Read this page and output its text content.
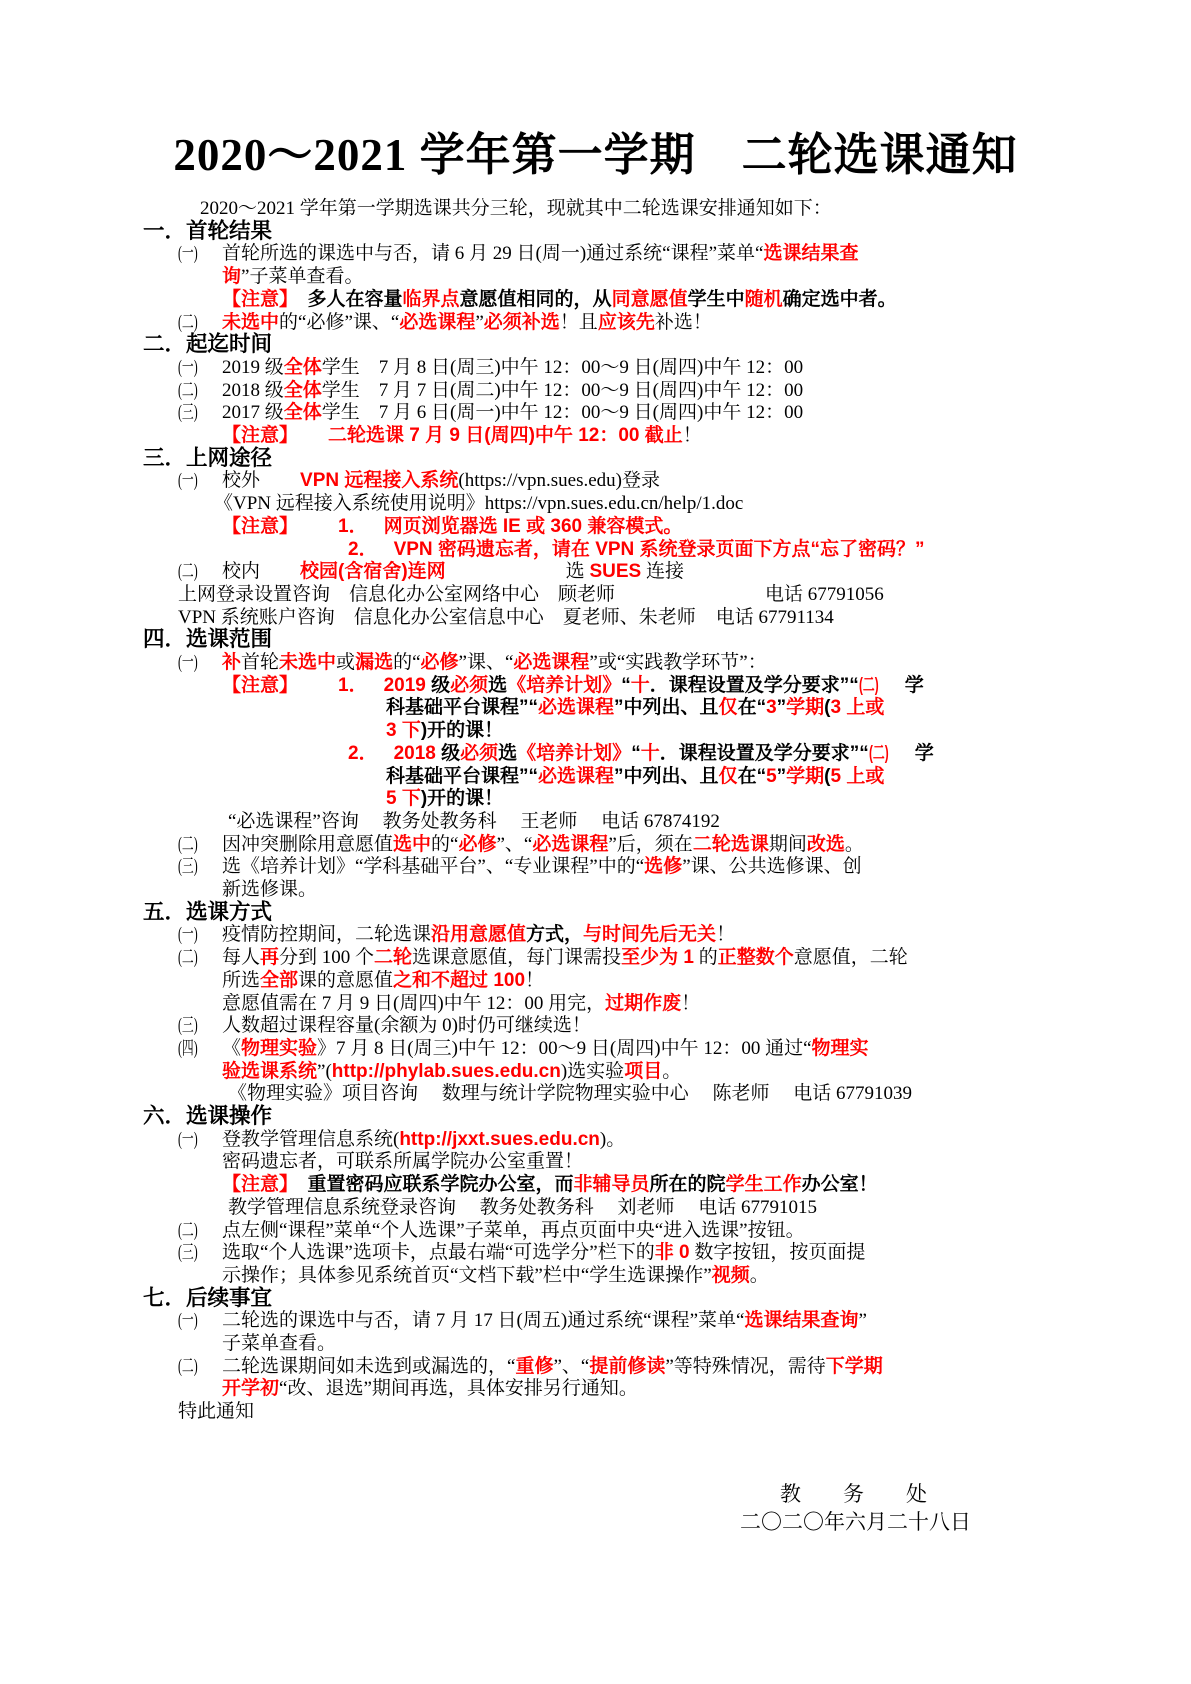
2020～2021 学年第一学期　二轮选课通知
2020～2021 学年第一学期选课共分三轮，现就其中二轮选课安排通知如下：
一．首轮结果
(一) 首轮所选的课选中与否，请 6 月 29 日(周一)通过系统“课程”菜单“选课结果查
询”子菜单查看。
【注意】　多人在容量临界点意愿值相同的，从同意愿值学生中随机确定选中者。
(二) 未选中的“必修”课、“必选课程”必须补选！且应该先补选！
二．起迄时间
(一) 2019 级全体学生　7 月 8 日(周三)中午 12：00～9 日(周四)中午 12：00
(二) 2018 级全体学生　7 月 7 日(周二)中午 12：00～9 日(周四)中午 12：00
(三) 2017 级全体学生　7 月 6 日(周一)中午 12：00～9 日(周四)中午 12：00
【注意】 二轮选课 7 月 9 日(周四)中午 12：00 截止！
三．上网途径
(一) 校外 VPN 远程接入系统(https://vpn.sues.edu)登录
《VPN 远程接入系统使用说明》https://vpn.sues.edu.cn/help/1.doc
【注意】 1． 网页浏览器选 IE 或 360 兼容模式。
2． VPN 密码遗忘者，请在 VPN 系统登录页面下方点“忘了密码？”
(二) 校内 校园(含宿舍)连网	选 SUES 连接
上网登录设置咨询　信息化办公室网络中心　顾老师	电话 67791056
VPN 系统账户咨询　信息化办公室信息中心　夏老师、朱老师 电话 67791134
四．选课范围
(一) 补首轮未选中或漏选的“必修”课、“必选课程”或“实践教学环节”：
【注意】 1． 2019 级必须选《培养计划》“十．课程设置及学分要求”“(二)　学
科基础平台课程”“必选课程”中列出、且仅在“3”学期(3 上或
3 下)开的课！
2． 2018 级必须选《培养计划》“十．课程设置及学分要求”“(二)　学
科基础平台课程”“必选课程”中列出、且仅在“5”学期(5 上或
5 下)开的课！
“必选课程”咨询　 教务处教务科　 王老师　 电话 67874192
(二) 因冲突删除用意愿值选中的“必修”、“必选课程”后，须在二轮选课期间改选。
(三) 选《培养计划》“学科基础平台”、“专业课程”中的“选修”课、公共选修课、创
新选修课。
五．选课方式
(一) 疫情防控期间，二轮选课沿用意愿值方式，与时间先后无关！
(二) 每人再分到 100 个二轮选课意愿值，每门课需投至少为 1 的正整数个意愿值，二轮
所选全部课的意愿值之和不超过 100！
意愿值需在 7 月 9 日(周四)中午 12：00 用完，过期作废！
(三) 人数超过课程容量(余额为 0)时仍可继续选！
(四) 《物理实验》7 月 8 日(周三)中午 12：00～9 日(周四)中午 12：00 通过“物理实
验选课系统”(http://phylab.sues.edu.cn)选实验项目。
《物理实验》项目咨询　 数理与统计学院物理实验中心　 陈老师　 电话 67791039
六．选课操作
(一) 登教学管理信息系统(http://jxxt.sues.edu.cn)。
密码遗忘者，可联系所属学院办公室重置！
【注意】　重置密码应联系学院办公室，而非辅导员所在的院学生工作办公室！
教学管理信息系统登录咨询　 教务处教务科　 刘老师　 电话 67791015
(二) 点左侧“课程”菜单“个人选课”子菜单，再点页面中央“进入选课”按钮。
(三) 选取“个人选课”选项卡，点最右端“可选学分”栏下的非 0 数字按钮，按页面提
示操作；具体参见系统首页“文档下载”栏中“学生选课操作”视频。
七．后续事宜
(一) 二轮选的课选中与否，请 7 月 17 日(周五)通过系统“课程”菜单“选课结果查询”
子菜单查看。
(二) 二轮选课期间如未选到或漏选的，“重修”、“提前修读”等特殊情况，需待下学期
开学初“改、退选”期间再选，具体安排另行通知。
特此通知
教　　务　　处
二〇二〇年六月二十八日
